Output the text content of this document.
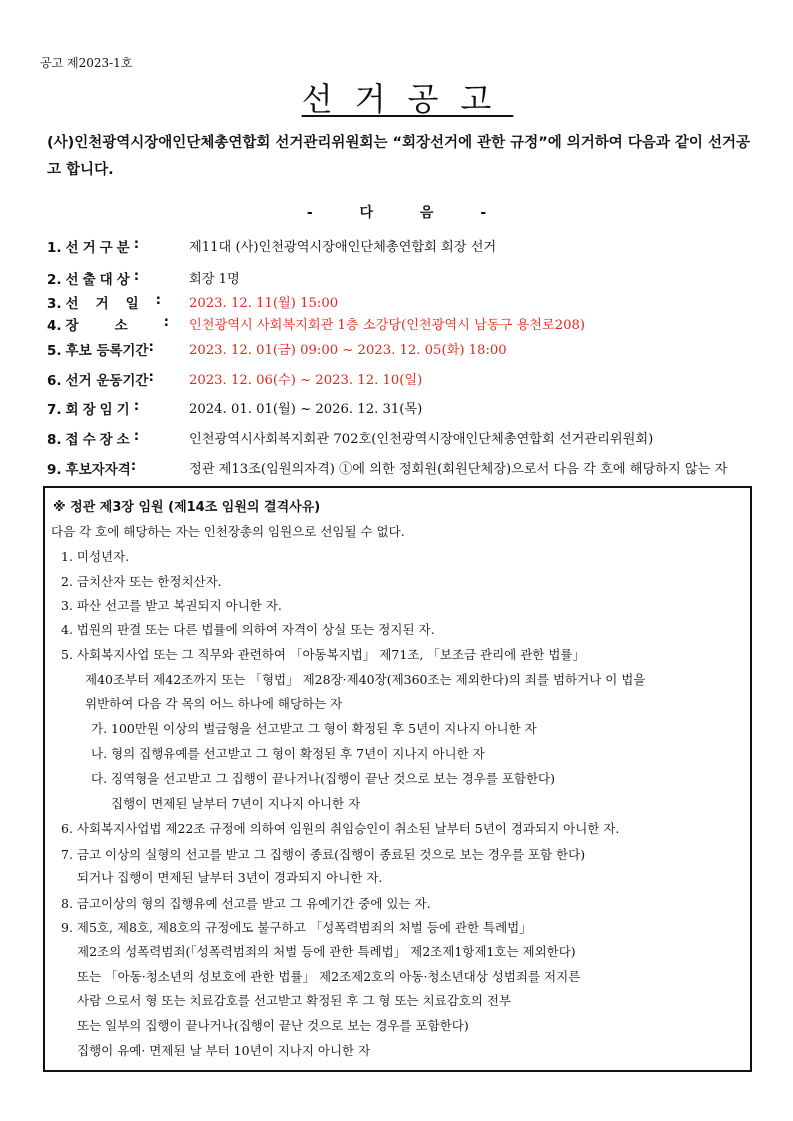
공고 제2023-1호
선거공고
(사)인천광역시장애인단체총연합회 선거관리위원회는 “회장선거에 관한 규정”에 의거하여 다음과 같이 선거공고 합니다.
- 다 음 -
1. 선거구분 :	제11대 (사)인천광역시장애인단체총연합회 회장 선거
2. 선출대상 :	회장 1명
3. 선거일 : 2023. 12. 11(월) 15:00
4. 장소 : 인천광역시 사회복지회관 1층 소강당(인천광역시 남동구 용천로208)
5. 후보 등록기간 :	2023. 12. 01(금) 09:00 ~ 2023. 12. 05(화) 18:00
6. 선거 운동기간 :	2023. 12. 06(수) ~ 2023. 12. 10(일)
7. 회장임기 :	2024. 01. 01(월) ~ 2026. 12. 31(목)
8. 접수장소 :	인천광역시사회복지회관 702호(인천광역시장애인단체총연합회 선거관리위원회)
9. 후보자자격 :	정관 제13조(임원의자격) ①에 의한 정회원(회원단체장)으로서 다음 각 호에 해당하지 않는 자
※ 정관 제3장 임원 (제14조 임원의 결격사유)
다음 각 호에 해당하는 자는 인천장총의 임원으로 선임될 수 없다.
1. 미성년자.
2. 금치산자 또는 한정치산자.
3. 파산 선고를 받고 복권되지 아니한 자.
4. 법원의 판결 또는 다른 법률에 의하여 자격이 상실 또는 정지된 자.
5. 사회복지사업 또는 그 직무와 관련하여 「아동복지법」 제71조, 「보조금 관리에 관한 법률」
제40조부터 제42조까지 또는 「형법」 제28장·제40장(제360조는 제외한다)의 죄를 범하거나 이 법을
위반하여 다음 각 목의 어느 하나에 해당하는 자
가. 100만원 이상의 벌금형을 선고받고 그 형이 확정된 후 5년이 지나지 아니한 자
나. 형의 집행유예를 선고받고 그 형이 확정된 후 7년이 지나지 아니한 자
다. 징역형을 선고받고 그 집행이 끝나거나(집행이 끝난 것으로 보는 경우를 포함한다)
집행이 면제된 날부터 7년이 지나지 아니한 자
6. 사회복지사업법 제22조 규정에 의하여 임원의 취임승인이 취소된 날부터 5년이 경과되지 아니한 자.
7. 금고 이상의 실형의 선고를 받고 그 집행이 종료(집행이 종료된 것으로 보는 경우를 포함 한다)
되거나 집행이 면제된 날부터 3년이 경과되지 아니한 자.
8. 금고이상의 형의 집행유예 선고를 받고 그 유예기간 중에 있는 자.
9. 제5호, 제8호, 제8호의 규정에도 불구하고 「성폭력범죄의 처벌 등에 관한 특례법」
제2조의 성폭력범죄(「성폭력범죄의 처벌 등에 관한 특례법」 제2조제1항제1호는 제외한다)
또는 「아동·청소년의 성보호에 관한 법률」 제2조제2호의 아동·청소년대상 성범죄를 저지른
사람 으로서 형 또는 치료감호를 선고받고 확정된 후 그 형 또는 치료감호의 전부
또는 일부의 집행이 끝나거나(집행이 끝난 것으로 보는 경우를 포함한다)
집행이 유예· 면제된 날 부터 10년이 지나지 아니한 자
